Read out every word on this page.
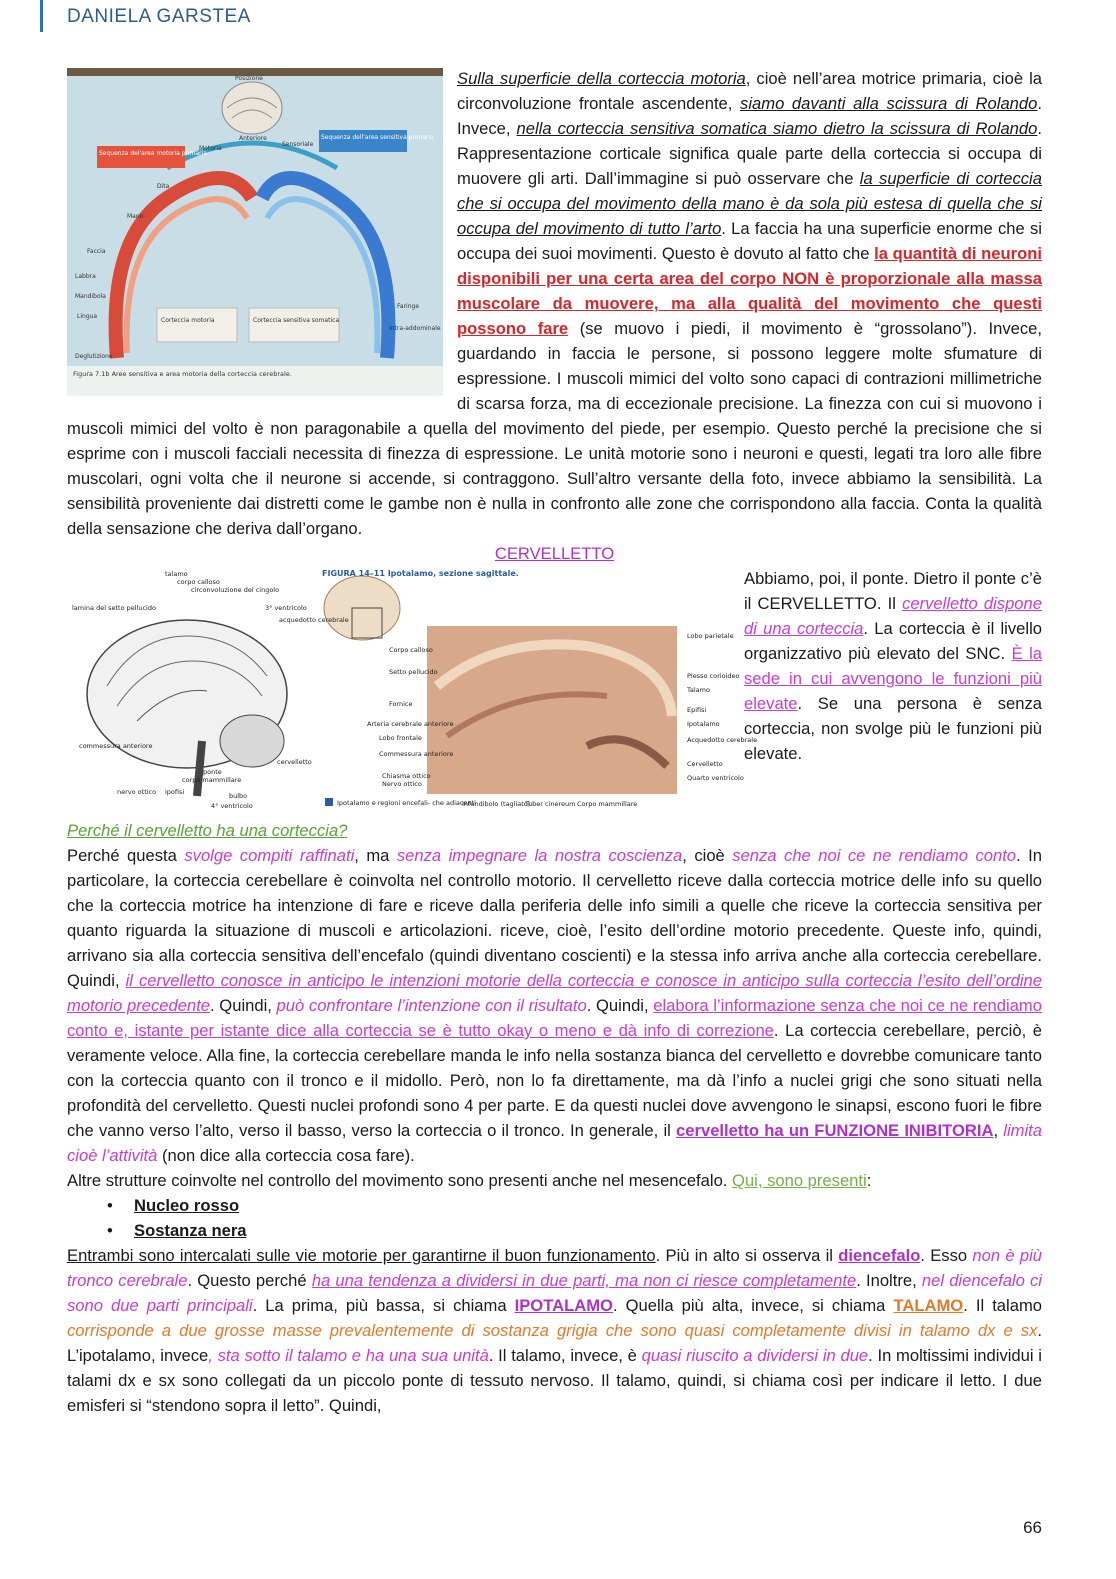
DANIELA GARSTEA
Posizione
Sequenza del'area motoria primaria
Sequenza dell'area sensitiva primaria
Motoria
Anteriore
Sensoriale
Corteccia motoria	Corteccia sensitiva somatica
Labbra
Mandibola
Lingua
Deglutizione
Faringe
Dita
Mano
Faccia
Intra-addominale
Figura 7.1b Aree sensitiva e area motoria della corteccia cerebrale.

Sulla superficie della corteccia motoria, cioè nell’area motrice primaria, cioè la circonvoluzione frontale ascendente, siamo davanti alla scissura di Rolando. Invece, nella corteccia sensitiva somatica siamo dietro la scissura di Rolando. Rappresentazione corticale significa quale parte della corteccia si occupa di muovere gli arti. Dall’immagine si può osservare che la superficie di corteccia che si occupa del movimento della mano è da sola più estesa di quella che si occupa del movimento di tutto l’arto. La faccia ha una superficie enorme che si occupa dei suoi movimenti. Questo è dovuto al fatto che la quantità di neuroni disponibili per una certa area del corpo NON è proporzionale alla massa muscolare da muovere, ma alla qualità del movimento che questi possono fare (se muovo i piedi, il movimento è “grossolano”). Invece, guardando in faccia le persone, si possono leggere molte sfumature di espressione. I muscoli mimici del volto sono capaci di contrazioni millimetriche di scarsa forza, ma di eccezionale precisione. La finezza con cui si muovono i muscoli mimici del volto è non paragonabile a quella del movimento del piede, per esempio. Questo perché la precisione che si esprime con i muscoli facciali necessita di finezza di espressione. Le unità motorie sono i neuroni e questi, legati tra loro alle fibre muscolari, ogni volta che il neurone si accende, si contraggono. Sull’altro versante della foto, invece abbiamo la sensibilità. La sensibilità proveniente dai distretti come le gambe non è nulla in confronto alle zone che corrispondono alla faccia. Conta la qualità della sensazione che deriva dall’organo.

CERVELLETTO

FIGURA 14–11 Ipotalamo, sezione sagittale.
talamo
corpo calloso
circonvoluzione del cingolo
lamina del setto pellucido	3° ventricolo
acquedotto cerebrale
commessura anteriore
ponte
corpo mammillare
cervelletto
nervo ottico ipofisi	bulbo
4° ventricolo
Corpo calloso
Setto pellucido
Fornice
Arteria cerebrale anteriore
Lobo frontale
Commessura anteriore
Chiasma ottico
Nervo ottico
Lobo parietale
Plesso corioideo
Talamo
Epifisi
Ipotalamo
Acquedotto cerebrale
Cervelletto
Quarto ventricolo
Infundibolo (tagliato)
Tuber cinereum Corpo mammillare
Ipotalamo e regioni encefali- che adiacenti

Abbiamo, poi, il ponte. Dietro il ponte c’è il CERVELLETTO. Il cervelletto dispone di una corteccia. La corteccia è il livello organizzativo più elevato del SNC. È la sede in cui avvengono le funzioni più elevate. Se una persona è senza corteccia, non svolge più le funzioni più elevate.

Perché il cervelletto ha una corteccia?

Perché questa svolge compiti raffinati, ma senza impegnare la nostra coscienza, cioè senza che noi ce ne rendiamo conto. In particolare, la corteccia cerebellare è coinvolta nel controllo motorio. Il cervelletto riceve dalla corteccia motrice delle info su quello che la corteccia motrice ha intenzione di fare e riceve dalla periferia delle info simili a quelle che riceve la corteccia sensitiva per quanto riguarda la situazione di muscoli e articolazioni. riceve, cioè, l’esito dell’ordine motorio precedente. Queste info, quindi, arrivano sia alla corteccia sensitiva dell’encefalo (quindi diventano coscienti) e la stessa info arriva anche alla corteccia cerebellare. Quindi, il cervelletto conosce in anticipo le intenzioni motorie della corteccia e conosce in anticipo sulla corteccia l’esito dell’ordine motorio precedente. Quindi, può confrontare l’intenzione con il risultato. Quindi, elabora l’informazione senza che noi ce ne rendiamo conto e, istante per istante dice alla corteccia se è tutto okay o meno e dà info di correzione. La corteccia cerebellare, perciò, è veramente veloce. Alla fine, la corteccia cerebellare manda le info nella sostanza bianca del cervelletto e dovrebbe comunicare tanto con la corteccia quanto con il tronco e il midollo. Però, non lo fa direttamente, ma dà l’info a nuclei grigi che sono situati nella profondità del cervelletto. Questi nuclei profondi sono 4 per parte. E da questi nuclei dove avvengono le sinapsi, escono fuori le fibre che vanno verso l’alto, verso il basso, verso la corteccia o il tronco. In generale, il cervelletto ha un FUNZIONE INIBITORIA, limita cioè l’attività (non dice alla corteccia cosa fare).

Altre strutture coinvolte nel controllo del movimento sono presenti anche nel mesencefalo. Qui, sono presenti:

• Nucleo rosso
• Sostanza nera

Entrambi sono intercalati sulle vie motorie per garantirne il buon funzionamento. Più in alto si osserva il diencefalo. Esso non è più tronco cerebrale. Questo perché ha una tendenza a dividersi in due parti, ma non ci riesce completamente. Inoltre, nel diencefalo ci sono due parti principali. La prima, più bassa, si chiama IPOTALAMO. Quella più alta, invece, si chiama TALAMO. Il talamo corrisponde a due grosse masse prevalentemente di sostanza grigia che sono quasi completamente divisi in talamo dx e sx. L’ipotalamo, invece, sta sotto il talamo e ha una sua unità. Il talamo, invece, è quasi riuscito a dividersi in due. In moltissimi individui i talami dx e sx sono collegati da un piccolo ponte di tessuto nervoso. Il talamo, quindi, si chiama così per indicare il letto. I due emisferi si “stendono sopra il letto”. Quindi,

66
